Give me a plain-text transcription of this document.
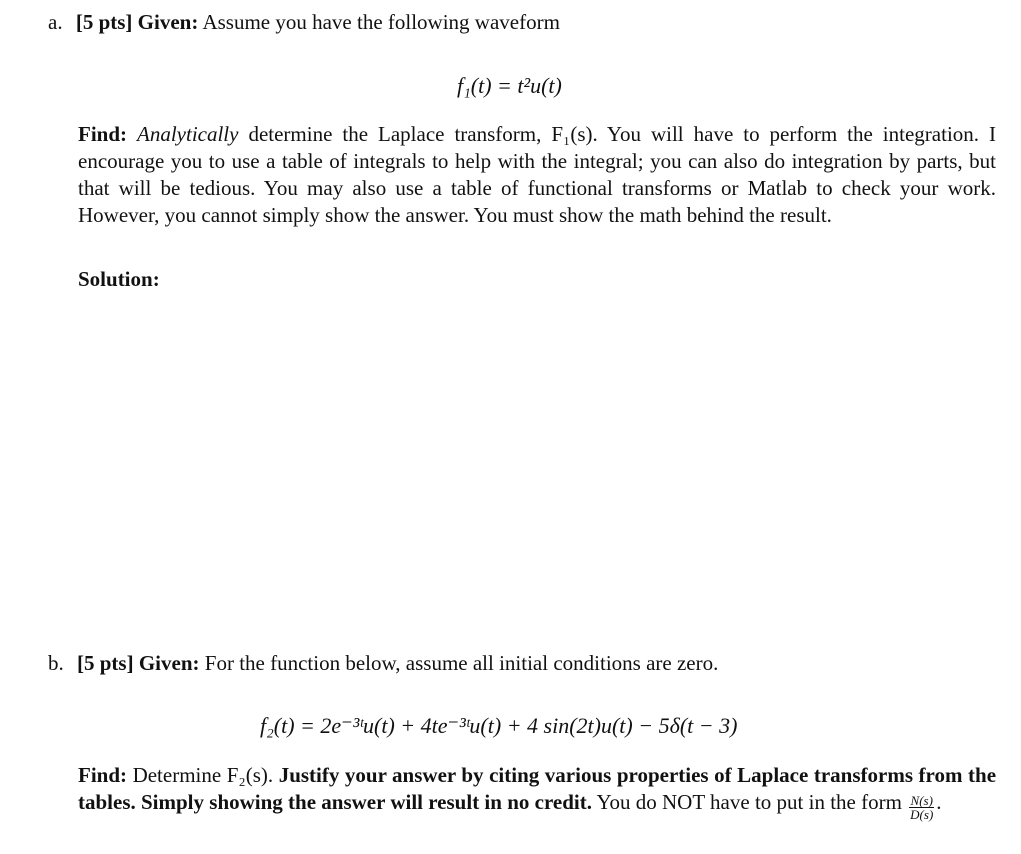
a. [5 pts] Given: Assume you have the following waveform
f₁(t) = t²u(t)
Find: Analytically determine the Laplace transform, F₁(s). You will have to perform the integration. I encourage you to use a table of integrals to help with the integral; you can also do integration by parts, but that will be tedious. You may also use a table of functional transforms or Matlab to check your work. However, you cannot simply show the answer. You must show the math behind the result.
Solution:
b. [5 pts] Given: For the function below, assume all initial conditions are zero.
f₂(t) = 2e⁻³ᵗu(t) + 4te⁻³ᵗu(t) + 4 sin(2t)u(t) − 5δ(t − 3)
Find: Determine F₂(s). Justify your answer by citing various properties of Laplace transforms from the tables. Simply showing the answer will result in no credit. You do NOT have to put in the form $\frac{N(s)}{D(s)}$ .
